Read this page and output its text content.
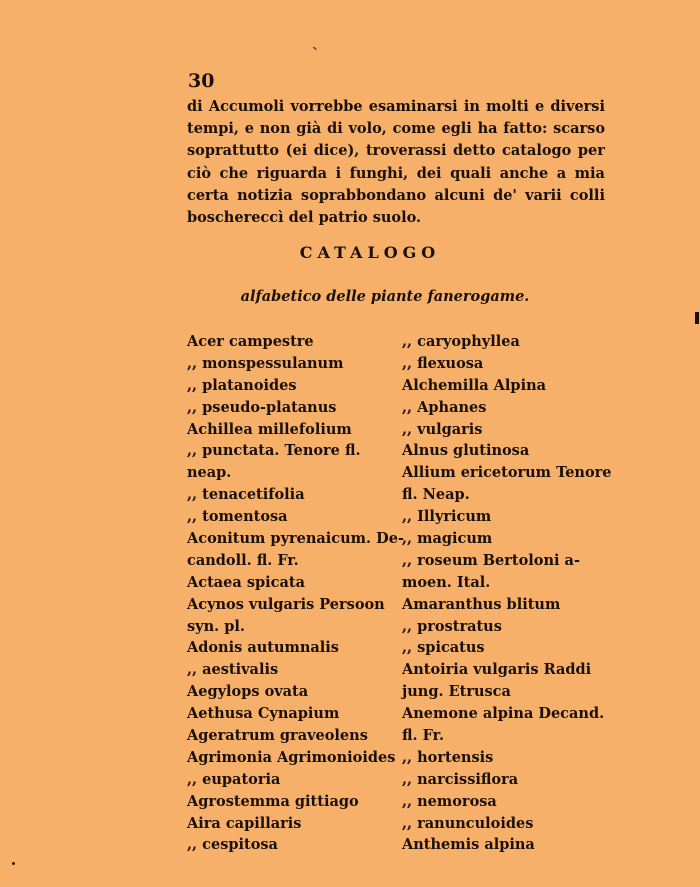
ˎ
30
di Accumoli vorrebbe esaminarsi in molti e diversi
tempi, e non già di volo, come egli ha fatto: scarso
soprattutto (ei dice), troverassi detto catalogo per
ciò che riguarda i funghi, dei quali anche a mia
certa notizia soprabbondano alcuni de' varii colli
boschereccì del patrio suolo.
CATALOGO
alfabetico delle piante fanerogame.
Acer campestre
,, monspessulanum
,, platanoides
,, pseudo-platanus
Achillea millefolium
,, punctata. Tenore fl.
neap.
,, tenacetifolia
,, tomentosa
Aconitum pyrenaicum. De-
candoll. fl. Fr.
Actaea spicata
Acynos vulgaris Persoon
syn. pl.
Adonis autumnalis
,, aestivalis
Aegylops ovata
Aethusa Cynapium
Ageratrum graveolens
Agrimonia Agrimonioides
,, eupatoria
Agrostemma gittiago
Aira capillaris
,, cespitosa
,, caryophyllea
,, flexuosa
Alchemilla Alpina
,, Aphanes
,, vulgaris
Alnus glutinosa
Allium ericetorum Tenore
fl. Neap.
,, Illyricum
,, magicum
,, roseum Bertoloni a-
moen. Ital.
Amaranthus blitum
,, prostratus
,, spicatus
Antoiria vulgaris Raddi
jung. Etrusca
Anemone alpina Decand.
fl. Fr.
,, hortensis
,, narcissiflora
,, nemorosa
,, ranunculoides
Anthemis alpina
